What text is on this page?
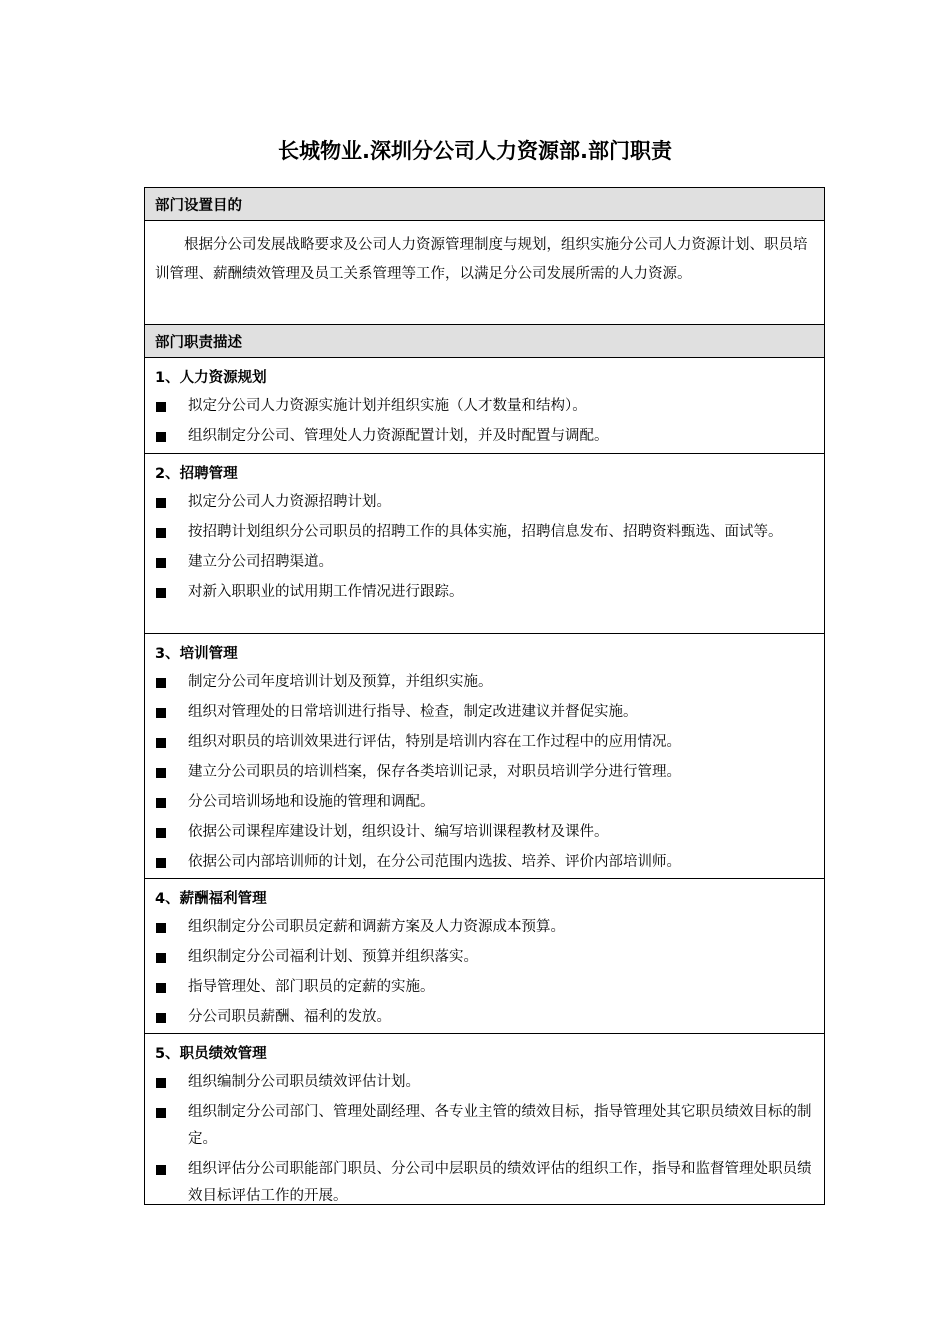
长城物业.深圳分公司人力资源部.部门职责
部门设置目的
根据分公司发展战略要求及公司人力资源管理制度与规划，组织实施分公司人力资源计划、职员培训管理、薪酬绩效管理及员工关系管理等工作，以满足分公司发展所需的人力资源。
部门职责描述
1、人力资源规划
拟定分公司人力资源实施计划并组织实施（人才数量和结构）。
组织制定分公司、管理处人力资源配置计划，并及时配置与调配。
2、招聘管理
拟定分公司人力资源招聘计划。
按招聘计划组织分公司职员的招聘工作的具体实施，招聘信息发布、招聘资料甄选、面试等。
建立分公司招聘渠道。
对新入职职业的试用期工作情况进行跟踪。
3、培训管理
制定分公司年度培训计划及预算，并组织实施。
组织对管理处的日常培训进行指导、检查，制定改进建议并督促实施。
组织对职员的培训效果进行评估，特别是培训内容在工作过程中的应用情况。
建立分公司职员的培训档案，保存各类培训记录，对职员培训学分进行管理。
分公司培训场地和设施的管理和调配。
依据公司课程库建设计划，组织设计、编写培训课程教材及课件。
依据公司内部培训师的计划，在分公司范围内选拔、培养、评价内部培训师。
4、薪酬福利管理
组织制定分公司职员定薪和调薪方案及人力资源成本预算。
组织制定分公司福利计划、预算并组织落实。
指导管理处、部门职员的定薪的实施。
分公司职员薪酬、福利的发放。
5、职员绩效管理
组织编制分公司职员绩效评估计划。
组织制定分公司部门、管理处副经理、各专业主管的绩效目标，指导管理处其它职员绩效目标的制定。
组织评估分公司职能部门职员、分公司中层职员的绩效评估的组织工作，指导和监督管理处职员绩效目标评估工作的开展。
